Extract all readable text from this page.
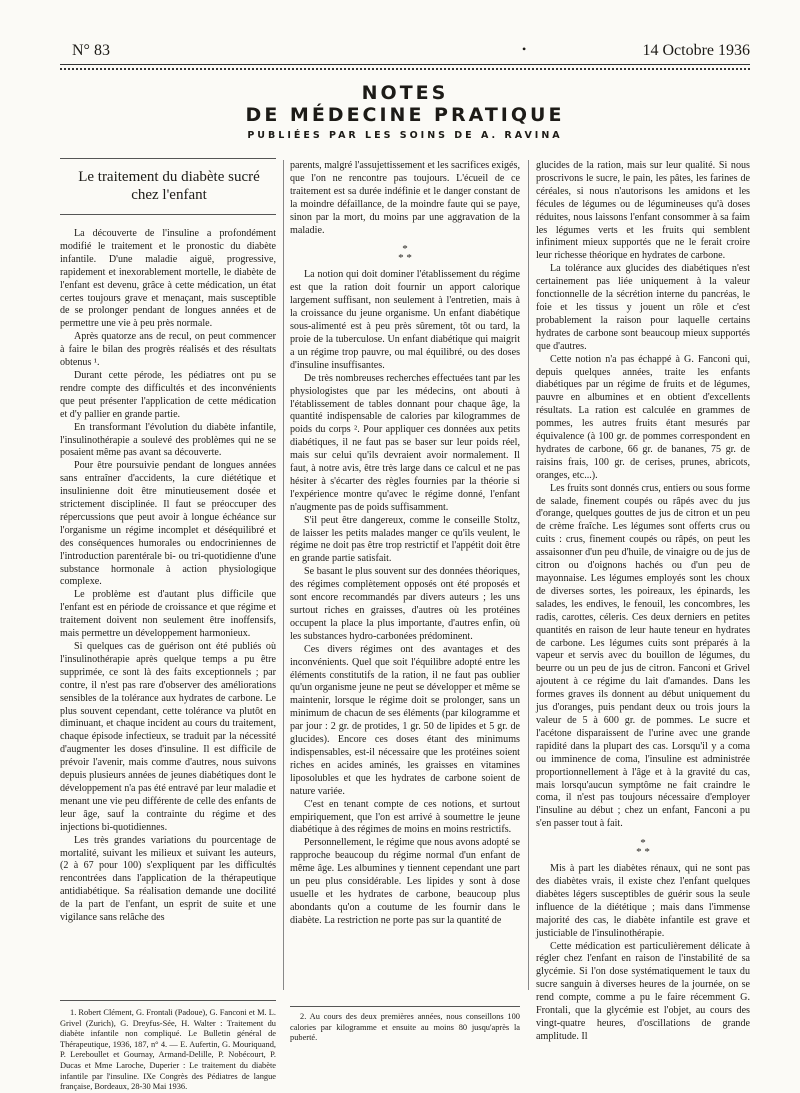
N° 83	•	14 Octobre 1936
NOTES
DE MÉDECINE PRATIQUE
PUBLIÉES PAR LES SOINS DE A. RAVINA
Le traitement du diabète sucré
chez l'enfant

La découverte de l'insuline a profondément modifié le traitement et le pronostic du diabète infantile. D'une maladie aiguë, progressive, rapidement et inexorablement mortelle, le diabète de l'enfant est devenu, grâce à cette médication, un état certes toujours grave et menaçant, mais susceptible de se prolonger pendant de longues années et de permettre une vie à peu près normale.

Après quatorze ans de recul, on peut commencer à faire le bilan des progrès réalisés et des résultats obtenus ¹.

Durant cette pérode, les pédiatres ont pu se rendre compte des difficultés et des inconvénients que peut présenter l'application de cette médication et d'y pallier en grande partie.

En transformant l'évolution du diabète infantile, l'insulinothérapie a soulevé des problèmes qui ne se posaient même pas avant sa découverte.

Pour être poursuivie pendant de longues années sans entraîner d'accidents, la cure diététique et insulinienne doit être minutieusement dosée et strictement disciplinée. Il faut se préoccuper des répercussions que peut avoir à longue échéance sur l'organisme un régime incomplet et déséquilibré et des conséquences humorales ou endocriniennes de l'introduction parentérale bi- ou tri-quotidienne d'une substance hormonale à action physiologique complexe.

Le problème est d'autant plus difficile que l'enfant est en période de croissance et que régime et traitement doivent non seulement être inoffensifs, mais permettre un développement harmonieux.

Si quelques cas de guérison ont été publiés où l'insulinothérapie après quelque temps a pu être supprimée, ce sont là des faits exceptionnels ; par contre, il n'est pas rare d'observer des améliorations sensibles de la tolérance aux hydrates de carbone. Le plus souvent cependant, cette tolérance va plutôt en diminuant, et chaque incident au cours du traitement, chaque épisode infectieux, se traduit par la nécessité d'augmenter les doses d'insuline. Il est difficile de prévoir l'avenir, mais comme d'autres, nous suivons depuis plusieurs années de jeunes diabétiques dont le développement n'a pas été entravé par leur maladie et menant une vie peu différente de celle des enfants de leur âge, sauf la contrainte du régime et des injections bi-quotidiennes.

Les très grandes variations du pourcentage de mortalité, suivant les milieux et suivant les auteurs, (2 à 67 pour 100) s'expliquent par les difficultés rencontrées dans l'application de la thérapeutique antidiabétique. Sa réalisation demande une docilité de la part de l'enfant, un esprit de suite et une vigilance sans relâche des

1. Robert Clément, G. Frontali (Padoue), G. Fanconi et M. L. Grivel (Zurich), G. Dreyfus-Sée, H. Walter : Traitement du diabète infantile non compliqué. Le Bulletin général de Thérapeutique, 1936, 187, n° 4. — E. Aufertin, G. Mouriquand, P. Lereboullet et Gournay, Armand-Delille, P. Nobécourt, P. Ducas et Mme Laroche, Duperier : Le traitement du diabète infantile par l'insuline. IXe Congrès des Pédiatres de langue française, Bordeaux, 28-30 Mai 1936.

parents, malgré l'assujettissement et les sacrifices exigés, que l'on ne rencontre pas toujours. L'écueil de ce traitement est sa durée indéfinie et le danger constant de la moindre défaillance, de la moindre faute qui se paye, sinon par la mort, du moins par une aggravation de la maladie.

*
* *

La notion qui doit dominer l'établissement du régime est que la ration doit fournir un apport calorique largement suffisant, non seulement à l'entretien, mais à la croissance du jeune organisme. Un enfant diabétique sous-alimenté est à peu près sûrement, tôt ou tard, la proie de la tuberculose. Un enfant diabétique qui maigrit a un régime trop pauvre, ou mal équilibré, ou des doses d'insuline insuffisantes.

De très nombreuses recherches effectuées tant par les physiologistes que par les médecins, ont abouti à l'établissement de tables donnant pour chaque âge, la quantité indispensable de calories par kilogrammes de poids du corps ². Pour appliquer ces données aux petits diabétiques, il ne faut pas se baser sur leur poids réel, mais sur celui qu'ils devraient avoir normalement. Il faut, à notre avis, être très large dans ce calcul et ne pas hésiter à s'écarter des règles fournies par la théorie si l'expérience montre qu'avec le régime donné, l'enfant n'augmente pas de poids suffisamment.

S'il peut être dangereux, comme le conseille Stoltz, de laisser les petits malades manger ce qu'ils veulent, le régime ne doit pas être trop restrictif et l'appétit doit être en grande partie satisfait.

Se basant le plus souvent sur des données théoriques, des régimes complètement opposés ont été proposés et sont encore recommandés par divers auteurs ; les uns surtout riches en graisses, d'autres où les protéines occupent la place la plus importante, d'autres enfin, où les substances hydro-carbonées prédominent.

Ces divers régimes ont des avantages et des inconvénients. Quel que soit l'équilibre adopté entre les éléments constitutifs de la ration, il ne faut pas oublier qu'un organisme jeune ne peut se développer et même se maintenir, lorsque le régime doit se prolonger, sans un minimum de chacun de ses éléments (par kilogramme et par jour : 2 gr. de protides, 1 gr. 50 de lipides et 5 gr. de glucides). Encore ces doses étant des minimums indispensables, est-il nécessaire que les protéines soient riches en acides aminés, les graisses en vitamines liposolubles et que les hydrates de carbone soient de nature variée.

C'est en tenant compte de ces notions, et surtout empiriquement, que l'on est arrivé à soumettre le jeune diabétique à des régimes de moins en moins restrictifs.

Personnellement, le régime que nous avons adopté se rapproche beaucoup du régime normal d'un enfant de même âge. Les albumines y tiennent cependant une part un peu plus considérable. Les lipides y sont à dose usuelle et les hydrates de carbone, beaucoup plus abondants qu'on a coutume de les fournir dans le diabète. La restriction ne porte pas sur la quantité de

2. Au cours des deux premières années, nous conseillons 100 calories par kilogramme et ensuite au moins 80 jusqu'après la puberté.

glucides de la ration, mais sur leur qualité. Si nous proscrivons le sucre, le pain, les pâtes, les farines de céréales, si nous n'autorisons les amidons et les fécules de légumes ou de légumineuses qu'à doses réduites, nous laissons l'enfant consommer à sa faim les légumes verts et les fruits qui semblent infiniment mieux supportés que ne le ferait croire leur richesse théorique en hydrates de carbone.

La tolérance aux glucides des diabétiques n'est certainement pas liée uniquement à la valeur fonctionnelle de la sécrétion interne du pancréas, le foie et les tissus y jouent un rôle et c'est probablement la raison pour laquelle certains hydrates de carbone sont beaucoup mieux supportés que d'autres.

Cette notion n'a pas échappé à G. Fanconi qui, depuis quelques années, traite les enfants diabétiques par un régime de fruits et de légumes, pauvre en albumines et en obtient d'excellents résultats. La ration est calculée en grammes de pommes, les autres fruits étant mesurés par équivalence (à 100 gr. de pommes correspondent en hydrates de carbone, 66 gr. de bananes, 75 gr. de raisins frais, 100 gr. de cerises, prunes, abricots, oranges, etc...).

Les fruits sont donnés crus, entiers ou sous forme de salade, finement coupés ou râpés avec du jus d'orange, quelques gouttes de jus de citron et un peu de crème fraîche. Les légumes sont offerts crus ou cuits : crus, finement coupés ou râpés, on peut les assaisonner d'un peu d'huile, de vinaigre ou de jus de citron ou d'oignons hachés ou d'un peu de mayonnaise. Les légumes employés sont les choux de diverses sortes, les poireaux, les épinards, les salades, les endives, le fenouil, les concombres, les radis, carottes, céleris. Ces deux derniers en petites quantités en raison de leur haute teneur en hydrates de carbone. Les légumes cuits sont préparés à la vapeur et servis avec du bouillon de légumes, du beurre ou un peu de jus de citron. Fanconi et Grivel ajoutent à ce régime du lait d'amandes. Dans les formes graves ils donnent au début uniquement du jus d'oranges, puis pendant deux ou trois jours la valeur de 5 à 600 gr. de pommes. Le sucre et l'acétone disparaissent de l'urine avec une grande rapidité dans la plupart des cas. Lorsqu'il y a coma ou imminence de coma, l'insuline est administrée proportionnellement à l'âge et à la gravité du cas, mais lorsqu'aucun symptôme ne fait craindre le coma, il n'est pas toujours nécessaire d'employer l'insuline au début ; chez un enfant, Fanconi a pu s'en passer tout à fait.

*
* *

Mis à part les diabètes rénaux, qui ne sont pas des diabètes vrais, il existe chez l'enfant quelques diabètes légers susceptibles de guérir sous la seule influence de la diététique ; mais dans l'immense majorité des cas, le diabète infantile est grave et justiciable de l'insulinothérapie.

Cette médication est particulièrement délicate à régler chez l'enfant en raison de l'instabilité de sa glycémie. Si l'on dose systématiquement le taux du sucre sanguin à diverses heures de la journée, on se rend compte, comme a pu le faire récemment G. Frontali, que la glycémie est l'objet, au cours des vingt-quatre heures, d'oscillations de grande amplitude. Il
